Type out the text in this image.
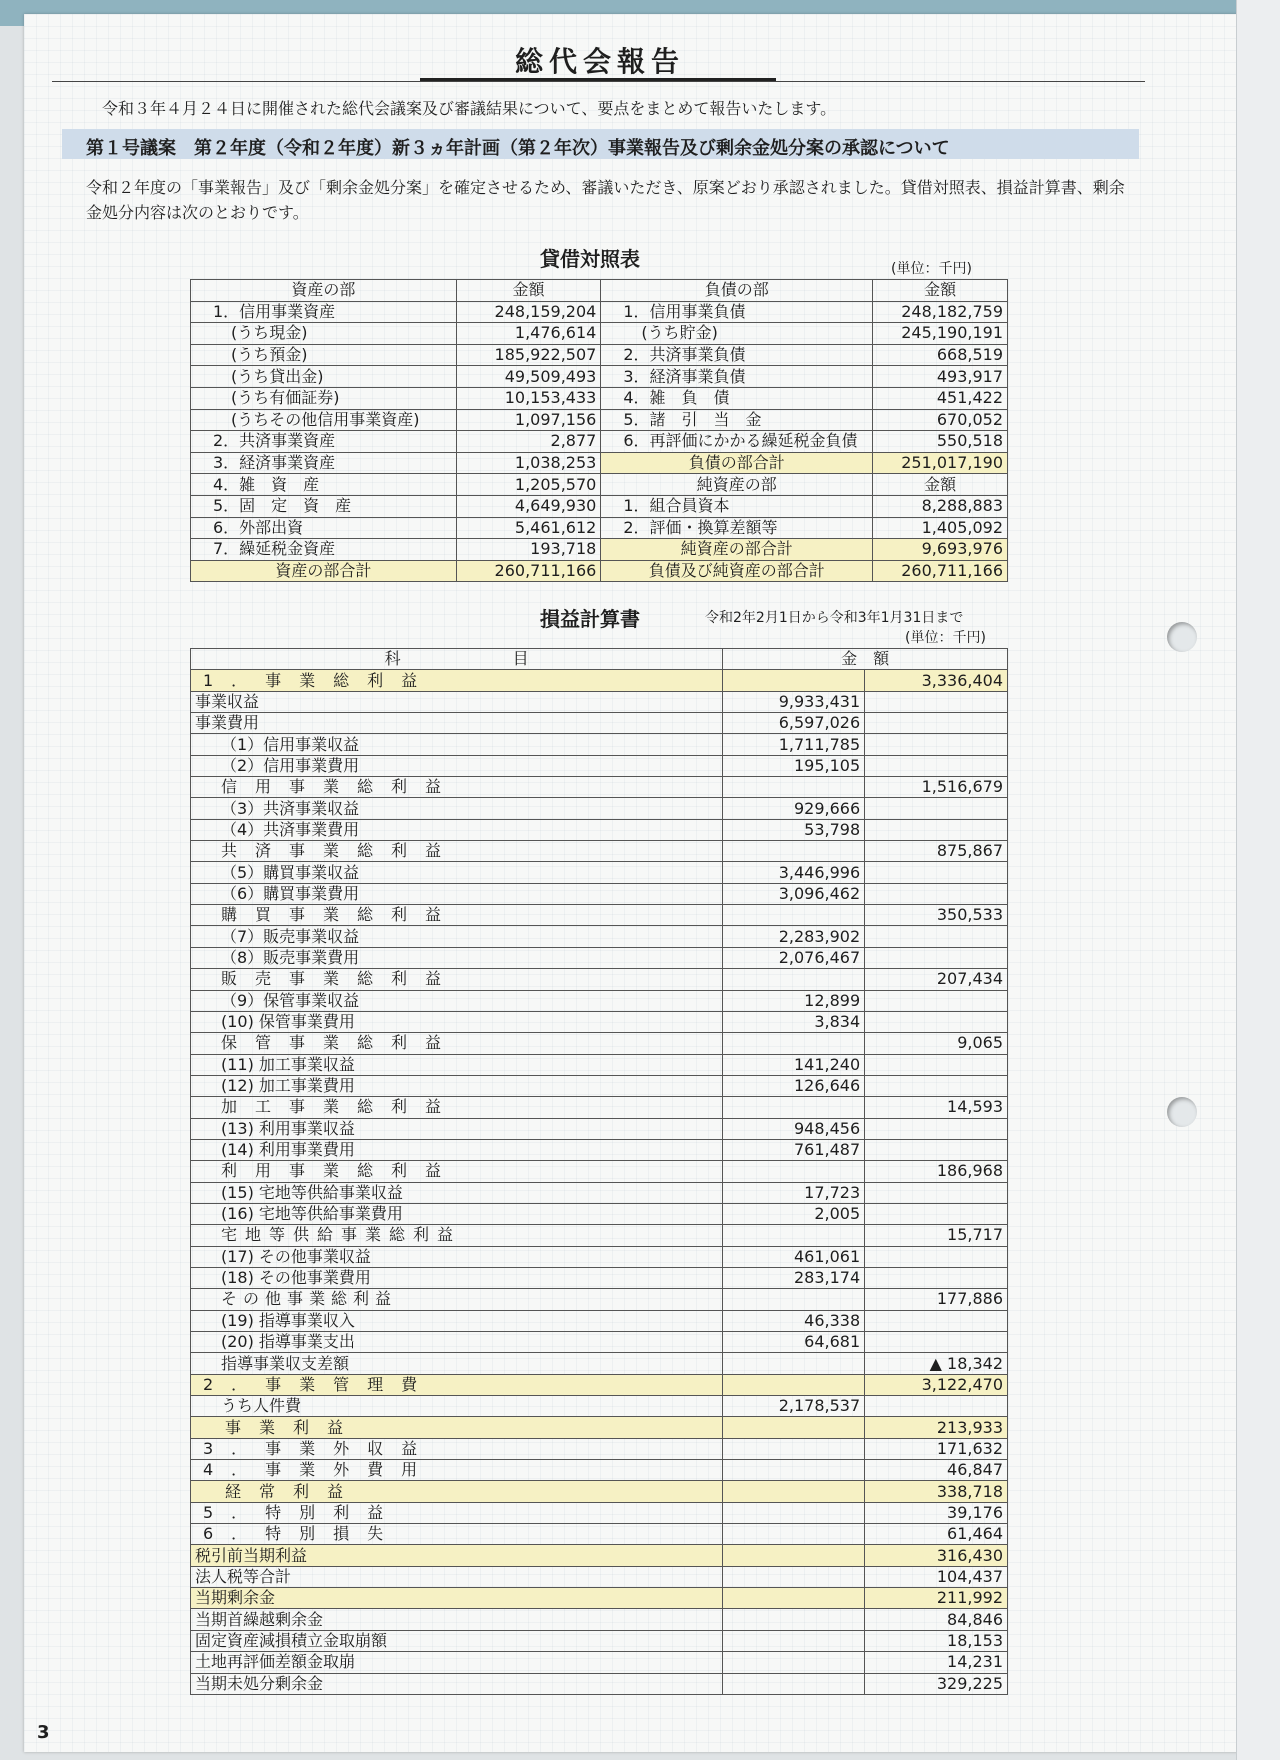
総代会報告
令和３年４月２４日に開催された総代会議案及び審議結果について、要点をまとめて報告いたします。
第１号議案　第２年度（令和２年度）新３ヵ年計画（第２年次）事業報告及び剰余金処分案の承認について
令和２年度の「事業報告」及び「剰余金処分案」を確定させるため、審議いただき、原案どおり承認されました。貸借対照表、損益計算書、剰余金処分内容は次のとおりです。
貸借対照表	(単位：千円)
資産の部	金額	負債の部	金額
1．信用事業資産	248,159,204	1．信用事業負債	248,182,759
(うち現金)	1,476,614	(うち貯金)	245,190,191
(うち預金)	185,922,507	2．共済事業負債	668,519
(うち貸出金)	49,509,493	3．経済事業負債	493,917
(うち有価証券)	10,153,433	4．雑　負　債	451,422
(うちその他信用事業資産)	1,097,156	5．諸　引　当　金	670,052
2．共済事業資産	2,877	6．再評価にかかる繰延税金負債	550,518
3．経済事業資産	1,038,253	負債の部合計	251,017,190
4．雑　資　産	1,205,570	純資産の部	金額
5．固　定　資　産	4,649,930	1．組合員資本	8,288,883
6．外部出資	5,461,612	2．評価・換算差額等	1,405,092
7．繰延税金資産	193,718	純資産の部合計	9,693,976
資産の部合計	260,711,166	負債及び純資産の部合計	260,711,166
損益計算書	令和2年2月1日から令和3年1月31日まで
(単位：千円)
科　　　　　　　目	金　額	
1．事業総利益		3,336,404
事業収益	9,933,431	
事業費用	6,597,026	
（1）信用事業収益	1,711,785	
（2）信用事業費用	195,105	
信用事業総利益		1,516,679
（3）共済事業収益	929,666	
（4）共済事業費用	53,798	
共済事業総利益		875,867
（5）購買事業収益	3,446,996	
（6）購買事業費用	3,096,462	
購買事業総利益		350,533
（7）販売事業収益	2,283,902	
（8）販売事業費用	2,076,467	
販売事業総利益		207,434
（9）保管事業収益	12,899	
(10) 保管事業費用	3,834	
保管事業総利益		9,065
(11) 加工事業収益	141,240	
(12) 加工事業費用	126,646	
加工事業総利益		14,593
(13) 利用事業収益	948,456	
(14) 利用事業費用	761,487	
利用事業総利益		186,968
(15) 宅地等供給事業収益	17,723	
(16) 宅地等供給事業費用	2,005	
宅地等供給事業総利益		15,717
(17) その他事業収益	461,061	
(18) その他事業費用	283,174	
その他事業総利益		177,886
(19) 指導事業収入	46,338	
(20) 指導事業支出	64,681	
指導事業収支差額		▲ 18,342
2．事業管理費		3,122,470
うち人件費	2,178,537	
事業利益		213,933
3．事業外収益		171,632
4．事業外費用		46,847
経常利益		338,718
5．特別利益		39,176
6．特別損失		61,464
税引前当期利益		316,430
法人税等合計		104,437
当期剰余金		211,992
当期首繰越剰余金		84,846
固定資産減損積立金取崩額		18,153
土地再評価差額金取崩		14,231
当期未処分剰余金		329,225
3
